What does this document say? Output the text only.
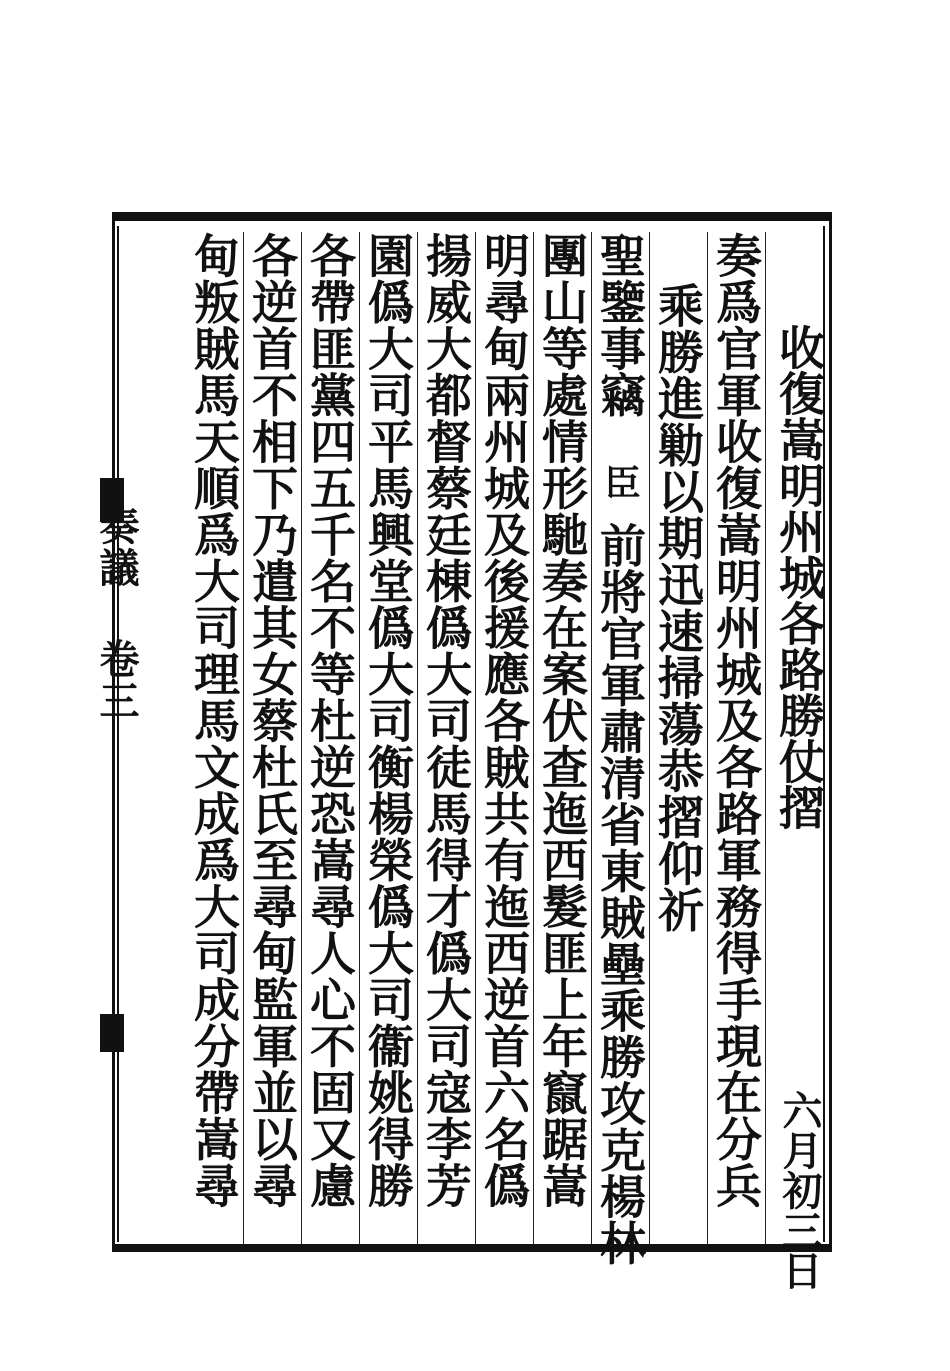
收復嵩明州城各路勝仗摺
六月初三日
奏爲官軍收復嵩明州城及各路軍務得手現在分兵
乘勝進勦以期迅速掃蕩恭摺仰祈
聖鑒事竊
臣
前將官軍肅清省東賊壘乘勝攻克楊林
團山等處情形馳奏在案伏查迤西髮匪上年竄踞嵩
明尋甸兩州城及後援應各賊共有迤西逆首六名僞
揚威大都督蔡廷棟僞大司徒馬得才僞大司寇李芳
園僞大司平馬興堂僞大司衡楊榮僞大司衞姚得勝
各帶匪黨四五千名不等杜逆恐嵩尋人心不固又慮
各逆首不相下乃遣其女蔡杜氏至尋甸監軍並以尋
甸叛賊馬天順爲大司理馬文成爲大司成分帶嵩尋
奏議 卷三
